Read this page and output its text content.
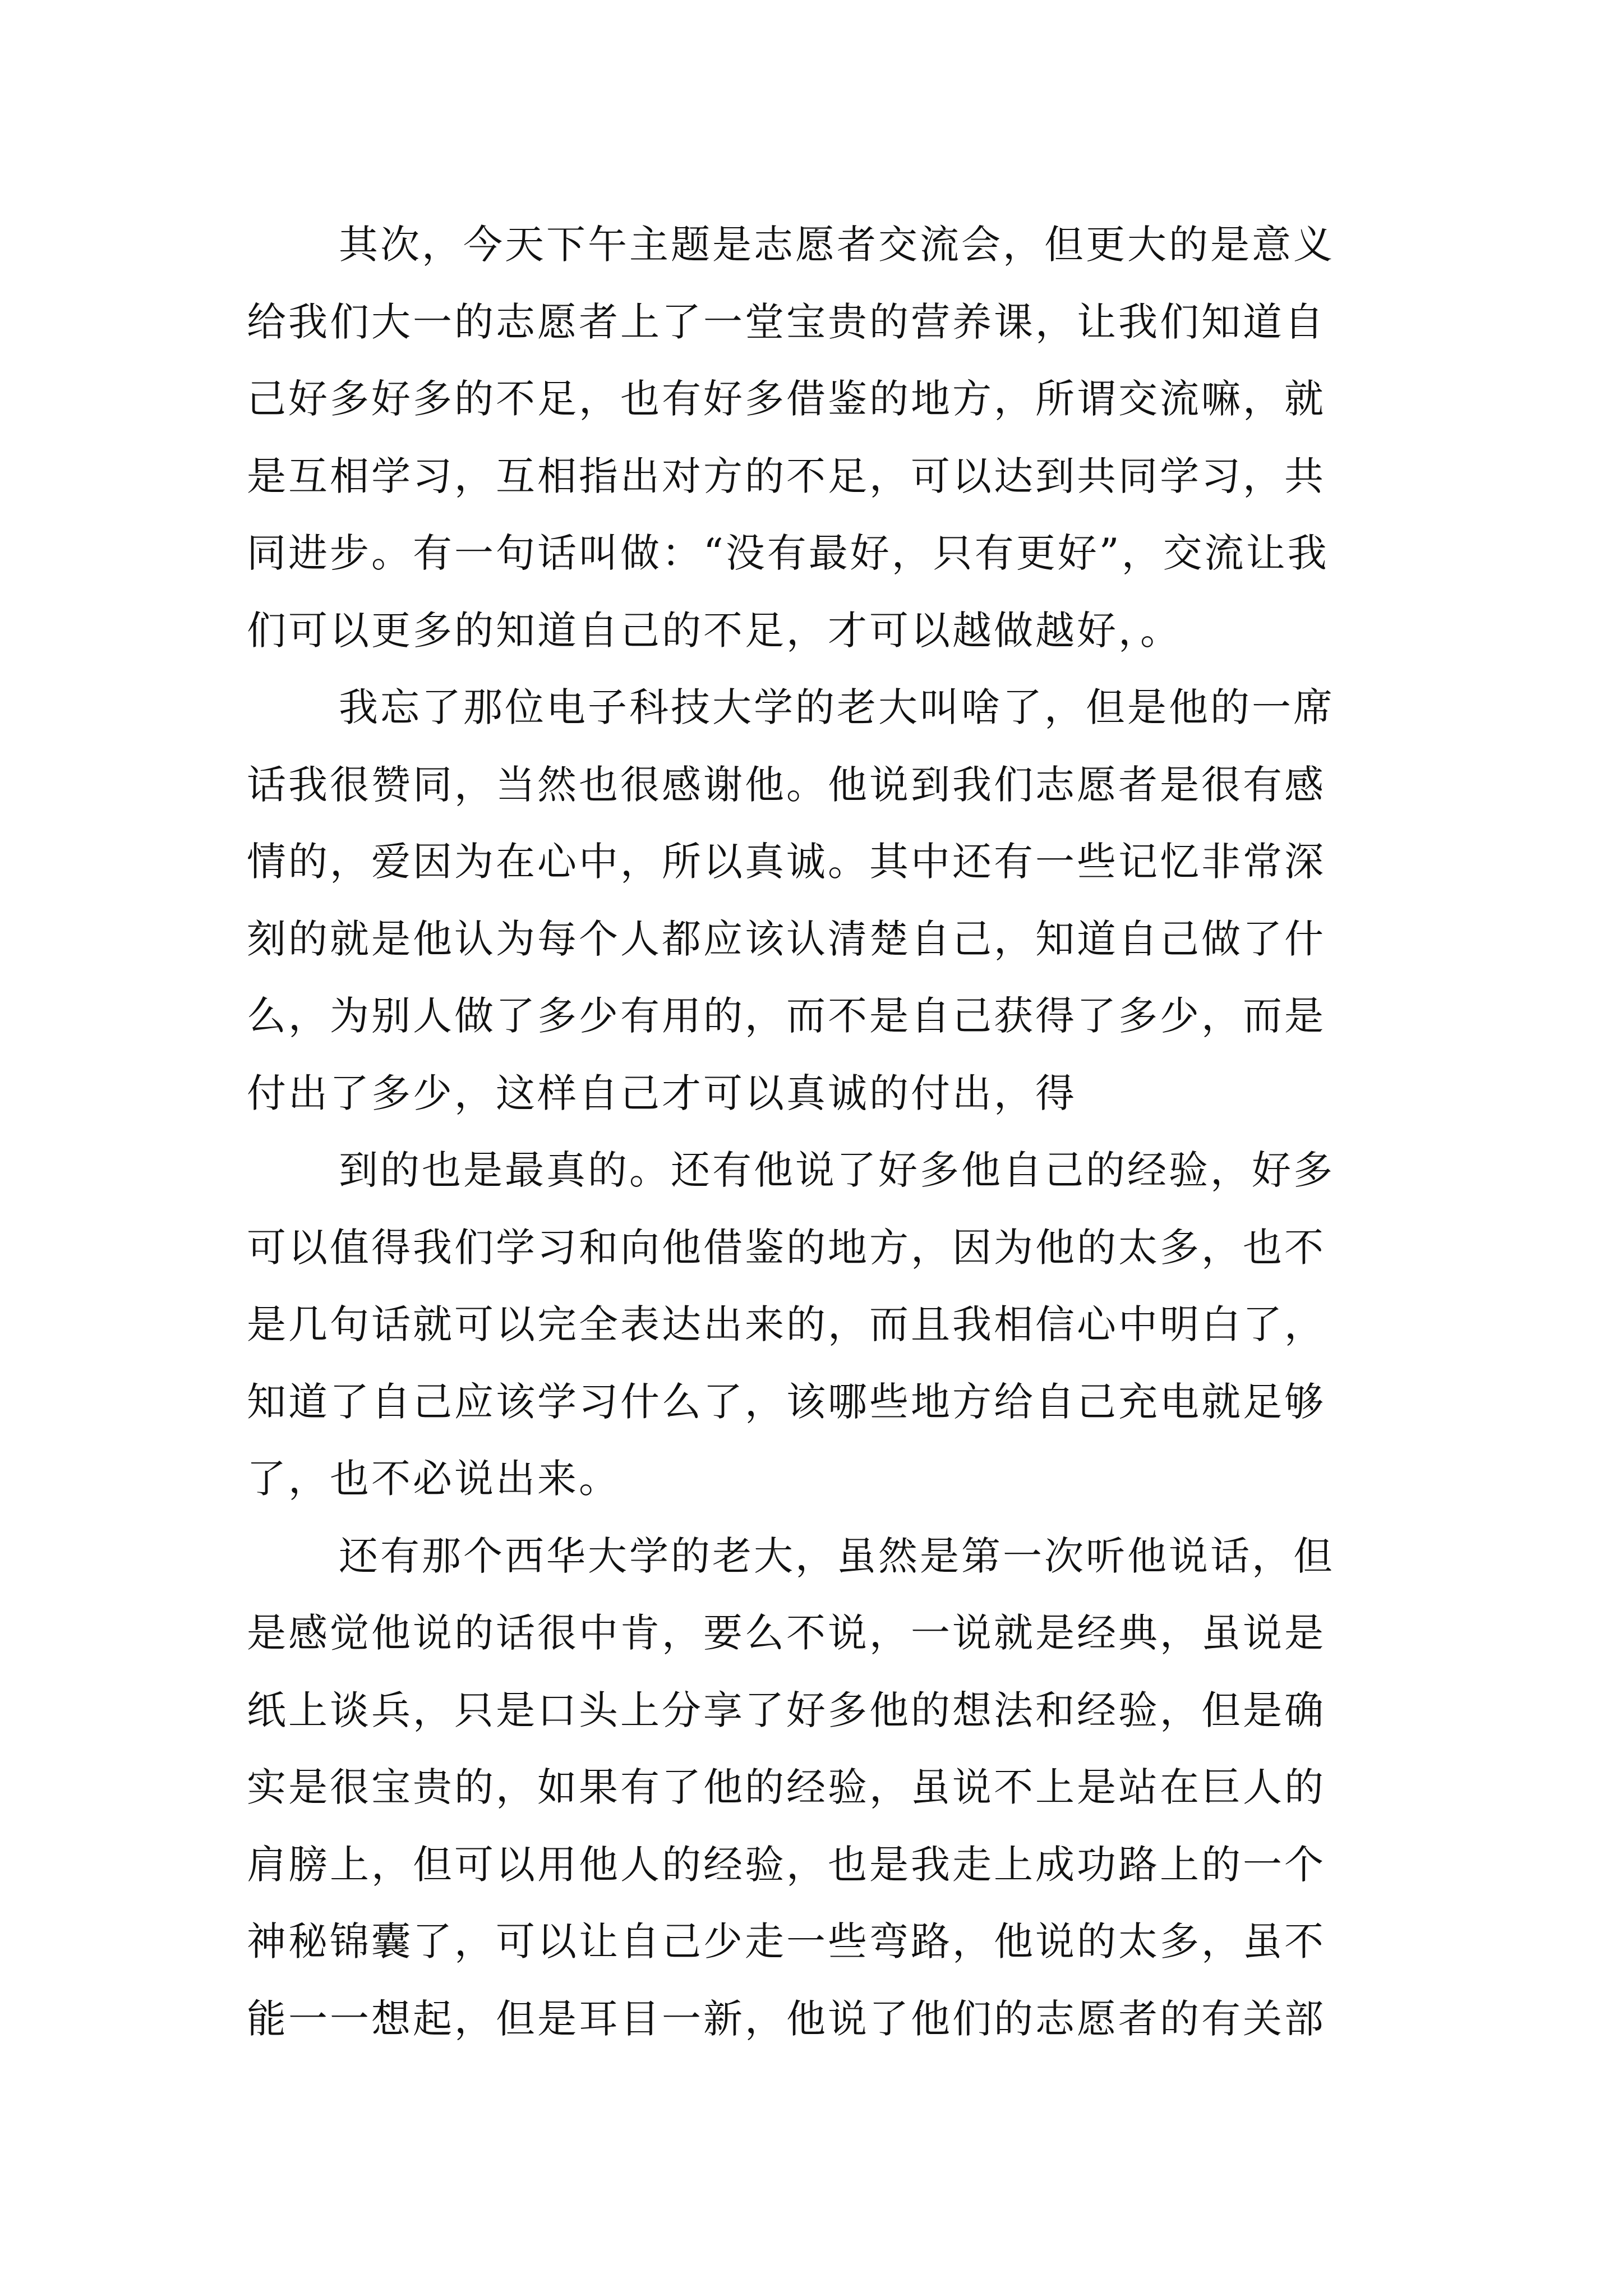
其次，今天下午主题是志愿者交流会，但更大的是意义
给我们大一的志愿者上了一堂宝贵的营养课，让我们知道自
己好多好多的不足，也有好多借鉴的地方，所谓交流嘛，就
是互相学习，互相指出对方的不足，可以达到共同学习，共
同进步。有一句话叫做：“没有最好，只有更好”，交流让我
们可以更多的知道自己的不足，才可以越做越好，。
我忘了那位电子科技大学的老大叫啥了，但是他的一席
话我很赞同，当然也很感谢他。他说到我们志愿者是很有感
情的，爱因为在心中，所以真诚。其中还有一些记忆非常深
刻的就是他认为每个人都应该认清楚自己，知道自己做了什
么，为别人做了多少有用的，而不是自己获得了多少，而是
付出了多少，这样自己才可以真诚的付出，得
到的也是最真的。还有他说了好多他自己的经验，好多
可以值得我们学习和向他借鉴的地方，因为他的太多，也不
是几句话就可以完全表达出来的，而且我相信心中明白了，
知道了自己应该学习什么了，该哪些地方给自己充电就足够
了，也不必说出来。
还有那个西华大学的老大，虽然是第一次听他说话，但
是感觉他说的话很中肯，要么不说，一说就是经典，虽说是
纸上谈兵，只是口头上分享了好多他的想法和经验，但是确
实是很宝贵的，如果有了他的经验，虽说不上是站在巨人的
肩膀上，但可以用他人的经验，也是我走上成功路上的一个
神秘锦囊了，可以让自己少走一些弯路，他说的太多，虽不
能一一想起，但是耳目一新，他说了他们的志愿者的有关部
